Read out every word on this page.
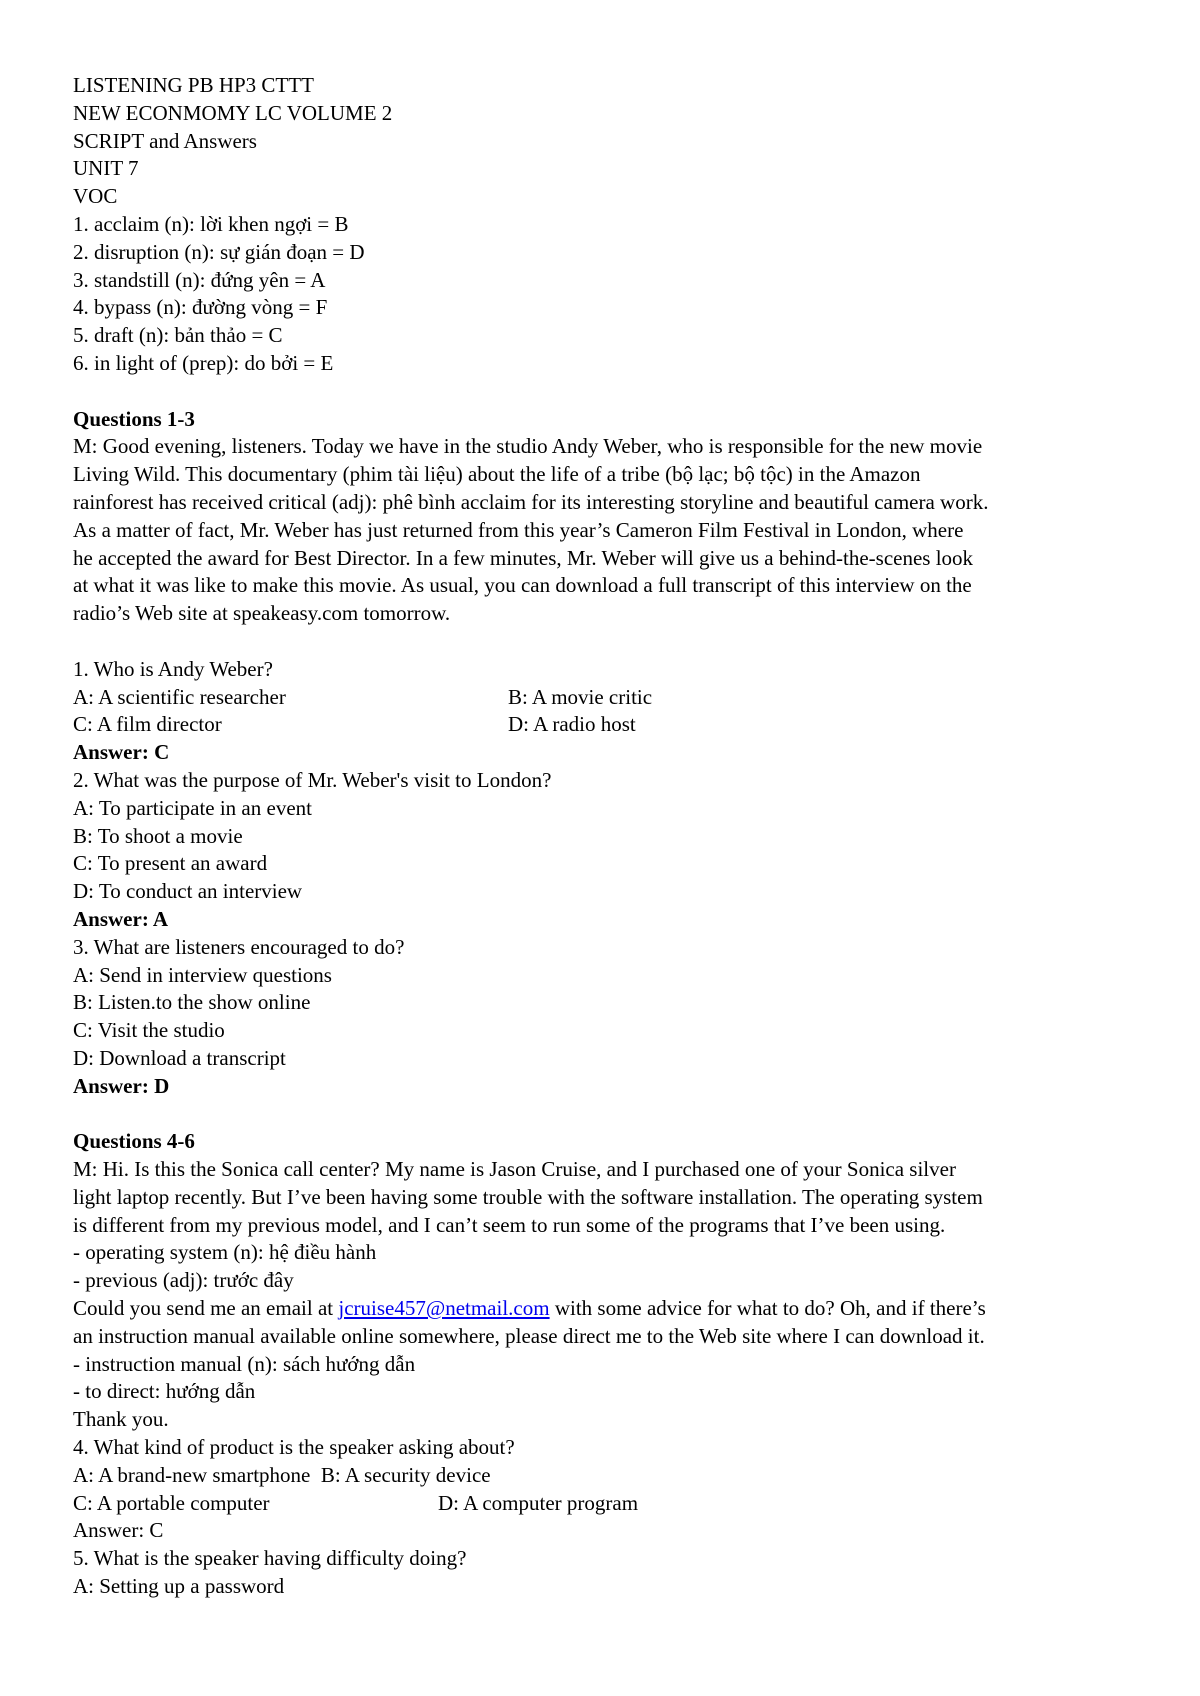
LISTENING PB HP3 CTTT
NEW ECONMOMY LC VOLUME 2
SCRIPT and Answers
UNIT 7
VOC
1. acclaim (n): lời khen ngợi = B
2. disruption (n): sự gián đoạn = D
3. standstill (n): đứng yên = A
4. bypass (n): đường vòng = F
5. draft (n): bản thảo = C
6. in light of (prep): do bởi = E
Questions 1-3
M: Good evening, listeners. Today we have in the studio Andy Weber, who is responsible for the new movie
Living Wild. This documentary (phim tài liệu) about the life of a tribe (bộ lạc; bộ tộc) in the Amazon
rainforest has received critical (adj): phê bình acclaim for its interesting storyline and beautiful camera work.
As a matter of fact, Mr. Weber has just returned from this year’s Cameron Film Festival in London, where
he accepted the award for Best Director. In a few minutes, Mr. Weber will give us a behind-the-scenes look
at what it was like to make this movie. As usual, you can download a full transcript of this interview on the
radio’s Web site at speakeasy.com tomorrow.
1. Who is Andy Weber?
A: A scientific researcher	B: A movie critic
C: A film director	D: A radio host
Answer: C
2. What was the purpose of Mr. Weber's visit to London?
A: To participate in an event
B: To shoot a movie
C: To present an award
D: To conduct an interview
Answer: A
3. What are listeners encouraged to do?
A: Send in interview questions
B: Listen.to the show online
C: Visit the studio
D: Download a transcript
Answer: D
Questions 4-6
M: Hi. Is this the Sonica call center? My name is Jason Cruise, and I purchased one of your Sonica silver
light laptop recently. But I’ve been having some trouble with the software installation. The operating system
is different from my previous model, and I can’t seem to run some of the programs that I’ve been using.
- operating system (n): hệ điều hành
- previous (adj): trước đây
Could you send me an email at jcruise457@netmail.com with some advice for what to do? Oh, and if there’s
an instruction manual available online somewhere, please direct me to the Web site where I can download it.
- instruction manual (n): sách hướng dẫn
- to direct: hướng dẫn
Thank you.
4. What kind of product is the speaker asking about?
A: A brand-new smartphone  B: A security device
C: A portable computer	D: A computer program
Answer: C
5. What is the speaker having difficulty doing?
A: Setting up a password
